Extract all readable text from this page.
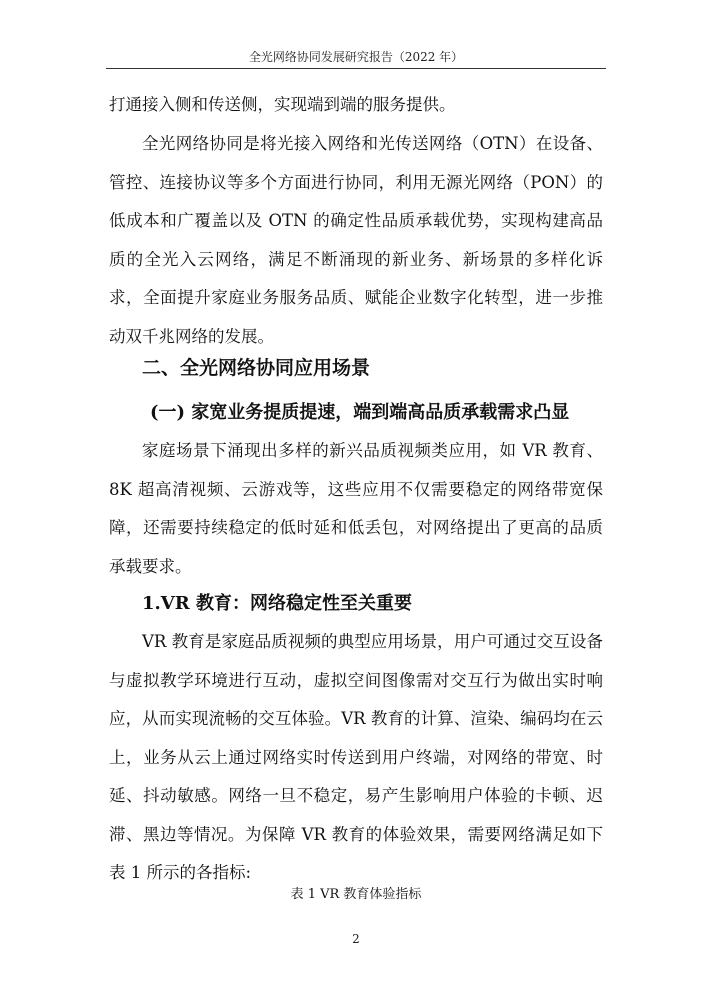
全光网络协同发展研究报告（2022 年）

打通接入侧和传送侧，实现端到端的服务提供。

全光网络协同是将光接入网络和光传送网络（OTN）在设备、管控、连接协议等多个方面进行协同，利用无源光网络（PON）的低成本和广覆盖以及 OTN 的确定性品质承载优势，实现构建高品质的全光入云网络，满足不断涌现的新业务、新场景的多样化诉求，全面提升家庭业务服务品质、赋能企业数字化转型，进一步推动双千兆网络的发展。

二、全光网络协同应用场景
(一) 家宽业务提质提速，端到端高品质承载需求凸显

家庭场景下涌现出多样的新兴品质视频类应用，如 VR 教育、8K 超高清视频、云游戏等，这些应用不仅需要稳定的网络带宽保障，还需要持续稳定的低时延和低丢包，对网络提出了更高的品质承载要求。

1.VR 教育：网络稳定性至关重要

VR 教育是家庭品质视频的典型应用场景，用户可通过交互设备与虚拟教学环境进行互动，虚拟空间图像需对交互行为做出实时响应，从而实现流畅的交互体验。VR 教育的计算、渲染、编码均在云上，业务从云上通过网络实时传送到用户终端，对网络的带宽、时延、抖动敏感。网络一旦不稳定，易产生影响用户体验的卡顿、迟滞、黑边等情况。为保障 VR 教育的体验效果，需要网络满足如下表 1 所示的各指标:

表 1 VR 教育体验指标
2
